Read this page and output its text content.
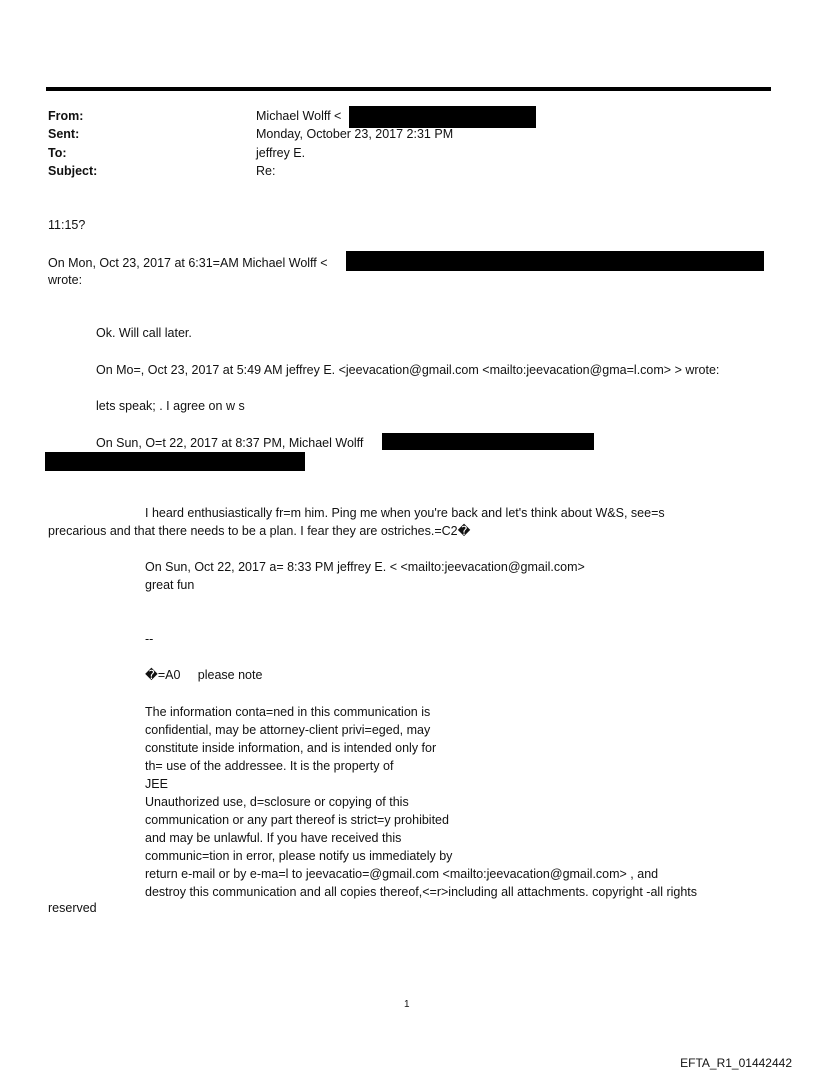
From:	Michael Wolff <
Sent:	Monday, October 23, 2017 2:31 PM
To:	jeffrey E.
Subject:	Re:
11:15?
On Mon, Oct 23, 2017 at 6:31=AM Michael Wolff <
wrote:
Ok. Will call later.
On Mo=, Oct 23, 2017 at 5:49 AM jeffrey E. <jeevacation@gmail.com <mailto:jeevacation@gma=l.com> > wrote:
lets speak; . I agree on w s
On Sun, O=t 22, 2017 at 8:37 PM, Michael Wolff
I heard enthusiastically fr=m him. Ping me when you're back and let's think about W&S, see=s
precarious and that there needs to be a plan. I fear they are ostriches.=C2�
On Sun, Oct 22, 2017 a= 8:33 PM jeffrey E. < <mailto:jeevacation@gmail.com>
great fun
--
�=A0     please note
The information conta=ned in this communication is
confidential, may be attorney-client privi=eged, may
constitute inside information, and is intended only for
th= use of the addressee. It is the property of
JEE
Unauthorized use, d=sclosure or copying of this
communication or any part thereof is strict=y prohibited
and may be unlawful. If you have received this
communic=tion in error, please notify us immediately by
return e-mail or by e-ma=l to jeevacatio=@gmail.com <mailto:jeevacation@gmail.com> , and
destroy this communication and all copies thereof,<=r>including all attachments. copyright -all rights
reserved
1
EFTA_R1_01442442
